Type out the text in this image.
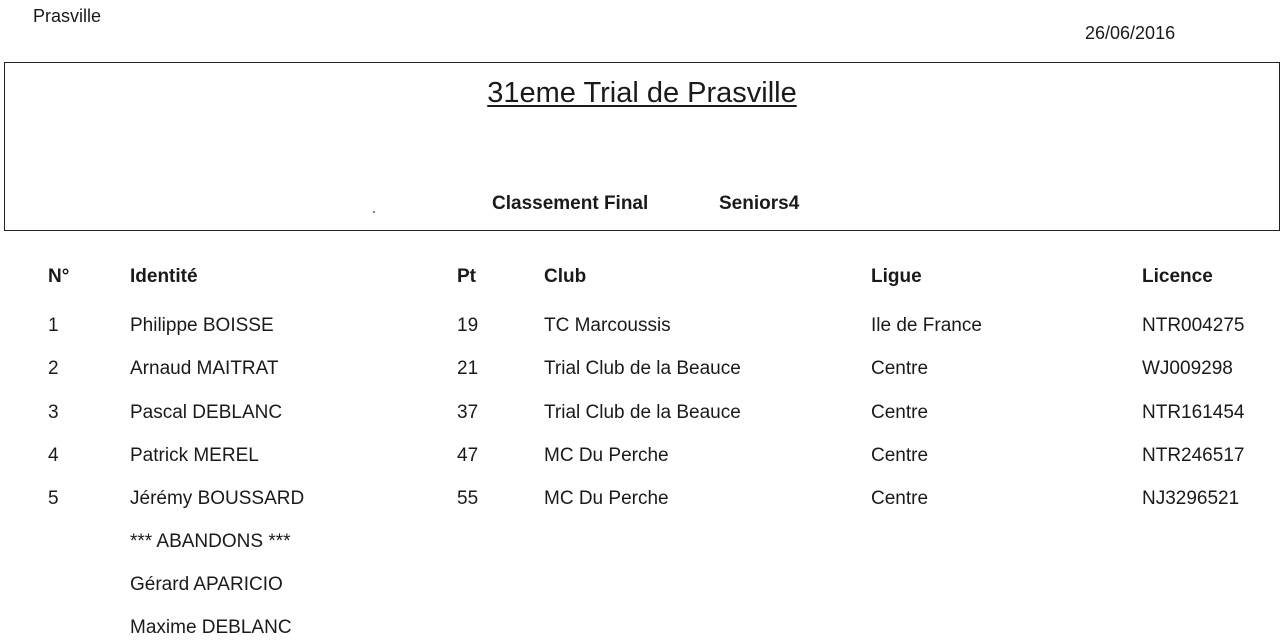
Prasville
26/06/2016
31eme Trial de Prasville
Classement Final	Seniors4
N°	Identité	Pt	Club	Ligue	Licence
1	Philippe BOISSE	19	TC Marcoussis	Ile de France	NTR004275
2	Arnaud MAITRAT	21	Trial Club de la Beauce	Centre	WJ009298
3	Pascal DEBLANC	37	Trial Club de la Beauce	Centre	NTR161454
4	Patrick MEREL	47	MC Du Perche	Centre	NTR246517
5	Jérémy BOUSSARD	55	MC Du Perche	Centre	NJ3296521
*** ABANDONS ***
Gérard APARICIO
Maxime DEBLANC
